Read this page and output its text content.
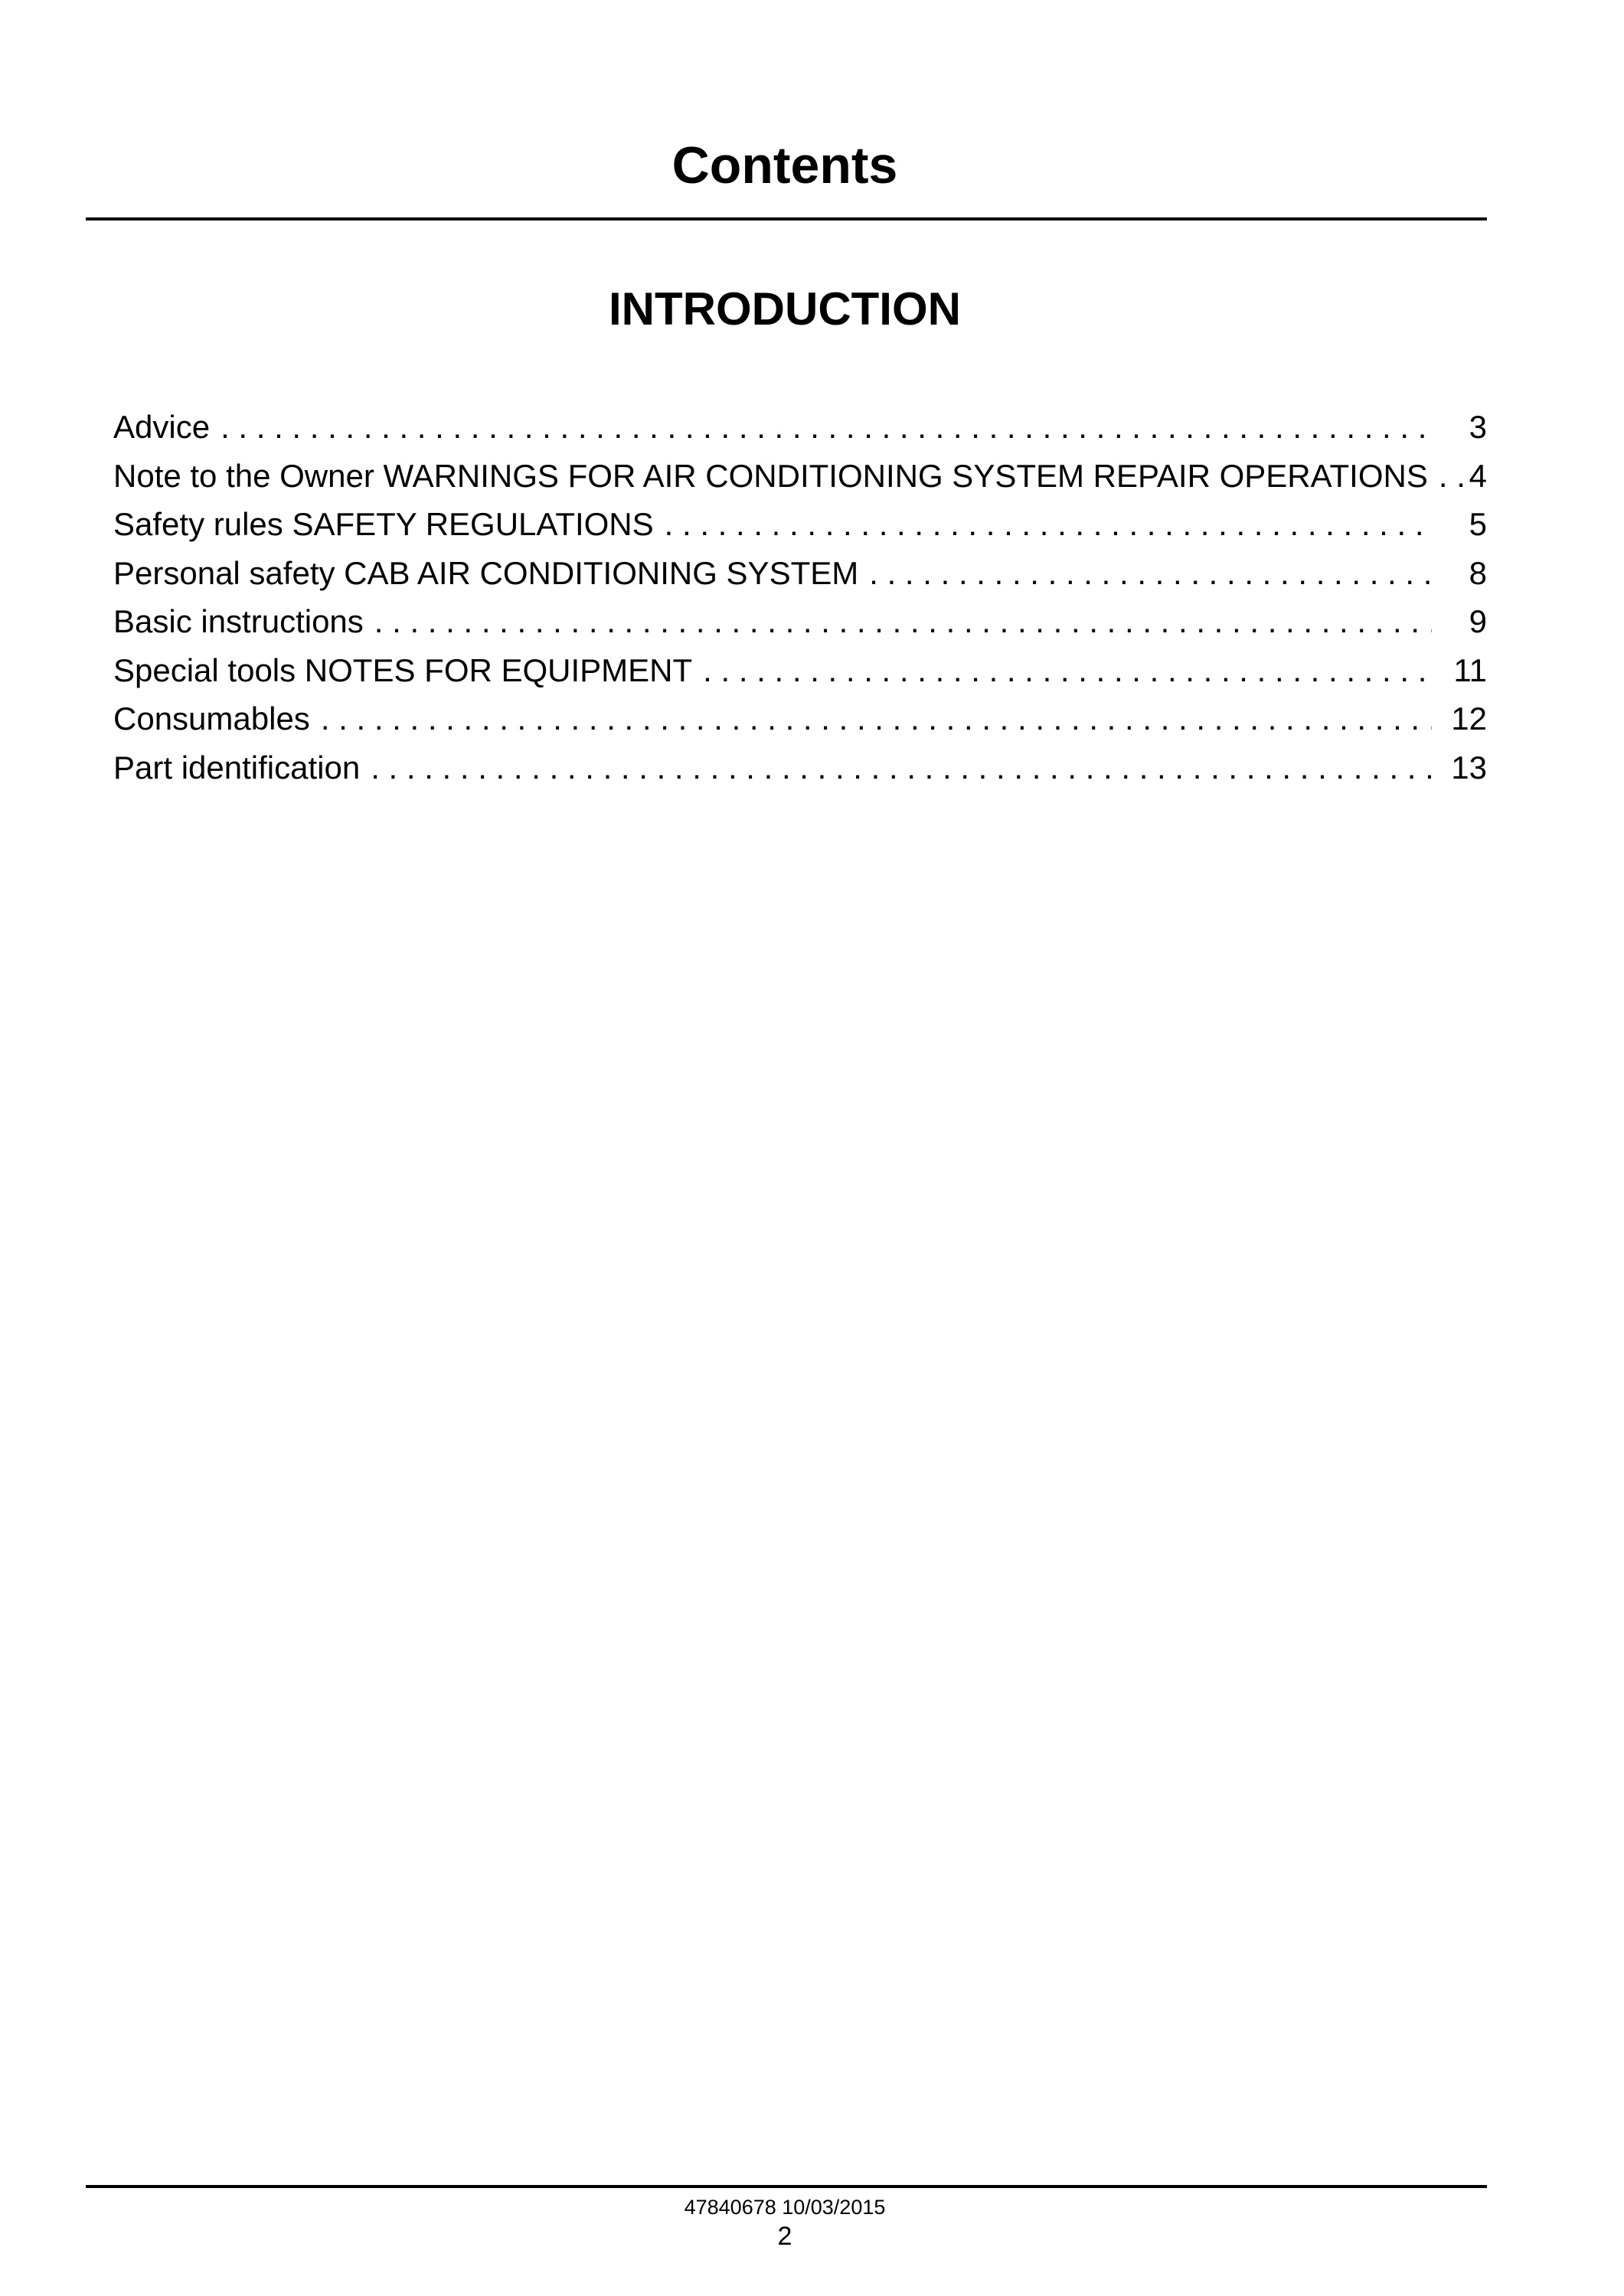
Contents
INTRODUCTION
Advice . . .	3
Note to the Owner WARNINGS FOR AIR CONDITIONING SYSTEM REPAIR OPERATIONS . . .	4
Safety rules SAFETY REGULATIONS . . .	5
Personal safety CAB AIR CONDITIONING SYSTEM . . .	8
Basic instructions . . .	9
Special tools NOTES FOR EQUIPMENT . . .	11
Consumables . . .	12
Part identification . . .	13
47840678 10/03/2015
2
